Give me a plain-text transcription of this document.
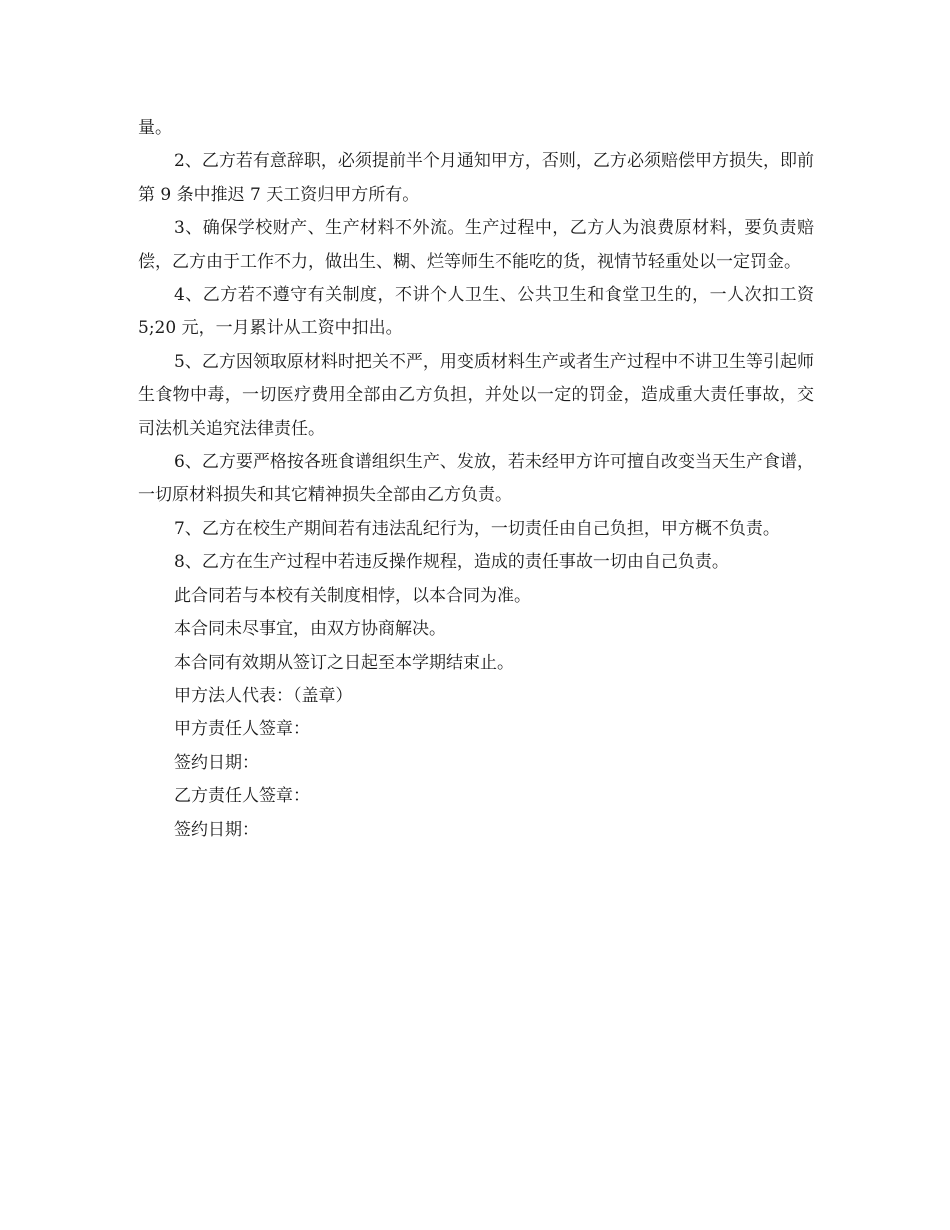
量。

2、乙方若有意辞职，必须提前半个月通知甲方，否则，乙方必须赔偿甲方损失，即前第 9 条中推迟 7 天工资归甲方所有。

3、确保学校财产、生产材料不外流。生产过程中，乙方人为浪费原材料，要负责赔偿，乙方由于工作不力，做出生、糊、烂等师生不能吃的货，视情节轻重处以一定罚金。

4、乙方若不遵守有关制度，不讲个人卫生、公共卫生和食堂卫生的，一人次扣工资 5;20 元，一月累计从工资中扣出。

5、乙方因领取原材料时把关不严，用变质材料生产或者生产过程中不讲卫生等引起师生食物中毒，一切医疗费用全部由乙方负担，并处以一定的罚金，造成重大责任事故，交司法机关追究法律责任。

6、乙方要严格按各班食谱组织生产、发放，若未经甲方许可擅自改变当天生产食谱，一切原材料损失和其它精神损失全部由乙方负责。

7、乙方在校生产期间若有违法乱纪行为，一切责任由自己负担，甲方概不负责。

8、乙方在生产过程中若违反操作规程，造成的责任事故一切由自己负责。

此合同若与本校有关制度相悖，以本合同为准。

本合同未尽事宜，由双方协商解决。

本合同有效期从签订之日起至本学期结束止。

甲方法人代表：（盖章）

甲方责任人签章：

签约日期：

乙方责任人签章：

签约日期：
